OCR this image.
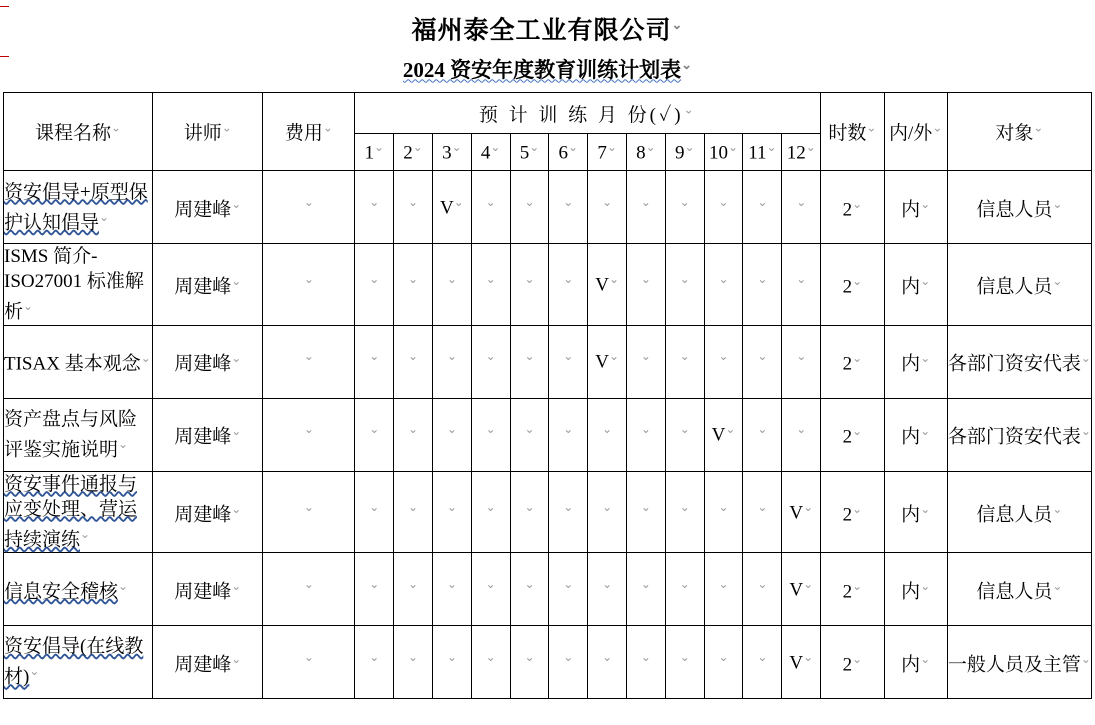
福州泰全工业有限公司⌄
2024 资安年度教育训练计划表⌄
课程名称⌄	讲师⌄	费用⌄	预 计 训 练 月 份(✓)⌄												时数⌄	内/外⌄	对象⌄
			1⌄	2⌄	3⌄	4⌄	5⌄	6⌄	7⌄	8⌄	9⌄	10⌄	11⌄	12⌄
资安倡导+原型保护认知倡导⌄	周建峰⌄	⌄	⌄	⌄	V⌄	⌄	⌄	⌄	⌄	⌄	⌄	⌄	⌄	⌄	2⌄	内⌄	信息人员⌄
ISMS 简介-ISO27001 标准解析⌄	周建峰⌄	⌄	⌄	⌄	⌄	⌄	⌄	⌄	V⌄	⌄	⌄	⌄	⌄	⌄	2⌄	内⌄	信息人员⌄
TISAX 基本观念⌄	周建峰⌄	⌄	⌄	⌄	⌄	⌄	⌄	⌄	V⌄	⌄	⌄	⌄	⌄	⌄	2⌄	内⌄	各部门资安代表⌄
资产盘点与风险评鉴实施说明⌄	周建峰⌄	⌄	⌄	⌄	⌄	⌄	⌄	⌄	⌄	⌄	⌄	V⌄	⌄	⌄	2⌄	内⌄	各部门资安代表⌄
资安事件通报与应变处理、营运持续演练⌄	周建峰⌄	⌄	⌄	⌄	⌄	⌄	⌄	⌄	⌄	⌄	⌄	⌄	⌄	V⌄	2⌄	内⌄	信息人员⌄
信息安全稽核⌄	周建峰⌄	⌄	⌄	⌄	⌄	⌄	⌄	⌄	⌄	⌄	⌄	⌄	⌄	V⌄	2⌄	内⌄	信息人员⌄
资安倡导(在线教材)⌄	周建峰⌄	⌄	⌄	⌄	⌄	⌄	⌄	⌄	⌄	⌄	⌄	⌄	⌄	V⌄	2⌄	内⌄	一般人员及主管⌄
